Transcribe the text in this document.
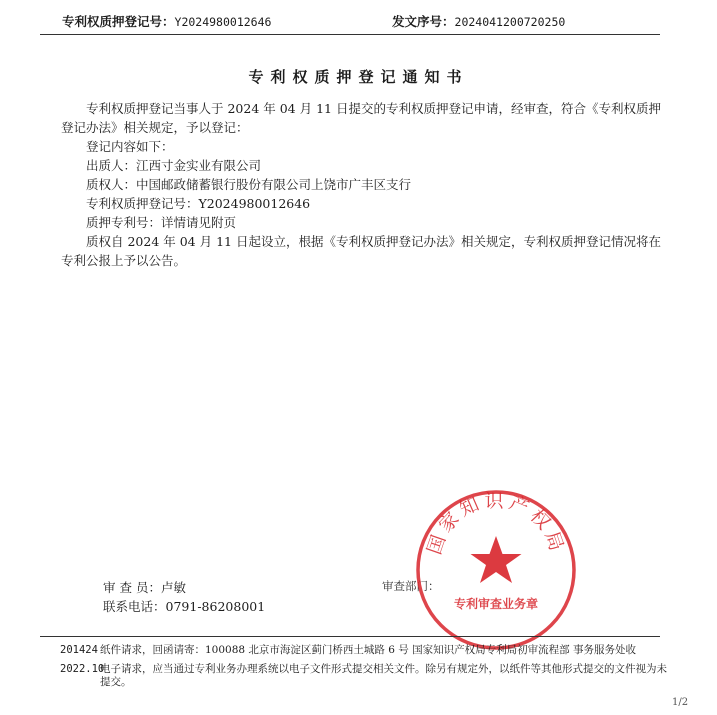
专利权质押登记号：Y2024980012646	发文序号：2024041200720250
专利权质押登记通知书

专利权质押登记当事人于 2024 年 04 月 11 日提交的专利权质押登记申请，经审查，符合《专利权质押登记办法》相关规定，予以登记：

登记内容如下：

出质人：江西寸金实业有限公司

质权人：中国邮政储蓄银行股份有限公司上饶市广丰区支行

专利权质押登记号：Y2024980012646

质押专利号：详情请见附页

质权自 2024 年 04 月 11 日起设立，根据《专利权质押登记办法》相关规定，专利权质押登记情况将在专利公报上予以公告。

审 查 员：卢敏
联系电话：0791-86208001
审查部门：
国家知识产权局
专利审查业务章
201424 纸件请求，回函请寄：100088 北京市海淀区蓟门桥西土城路 6 号 国家知识产权局专利局初审流程部 事务服务处收
2022.10
电子请求，应当通过专利业务办理系统以电子文件形式提交相关文件。除另有规定外，以纸件等其他形式提交的文件视为未提交。
1/2
